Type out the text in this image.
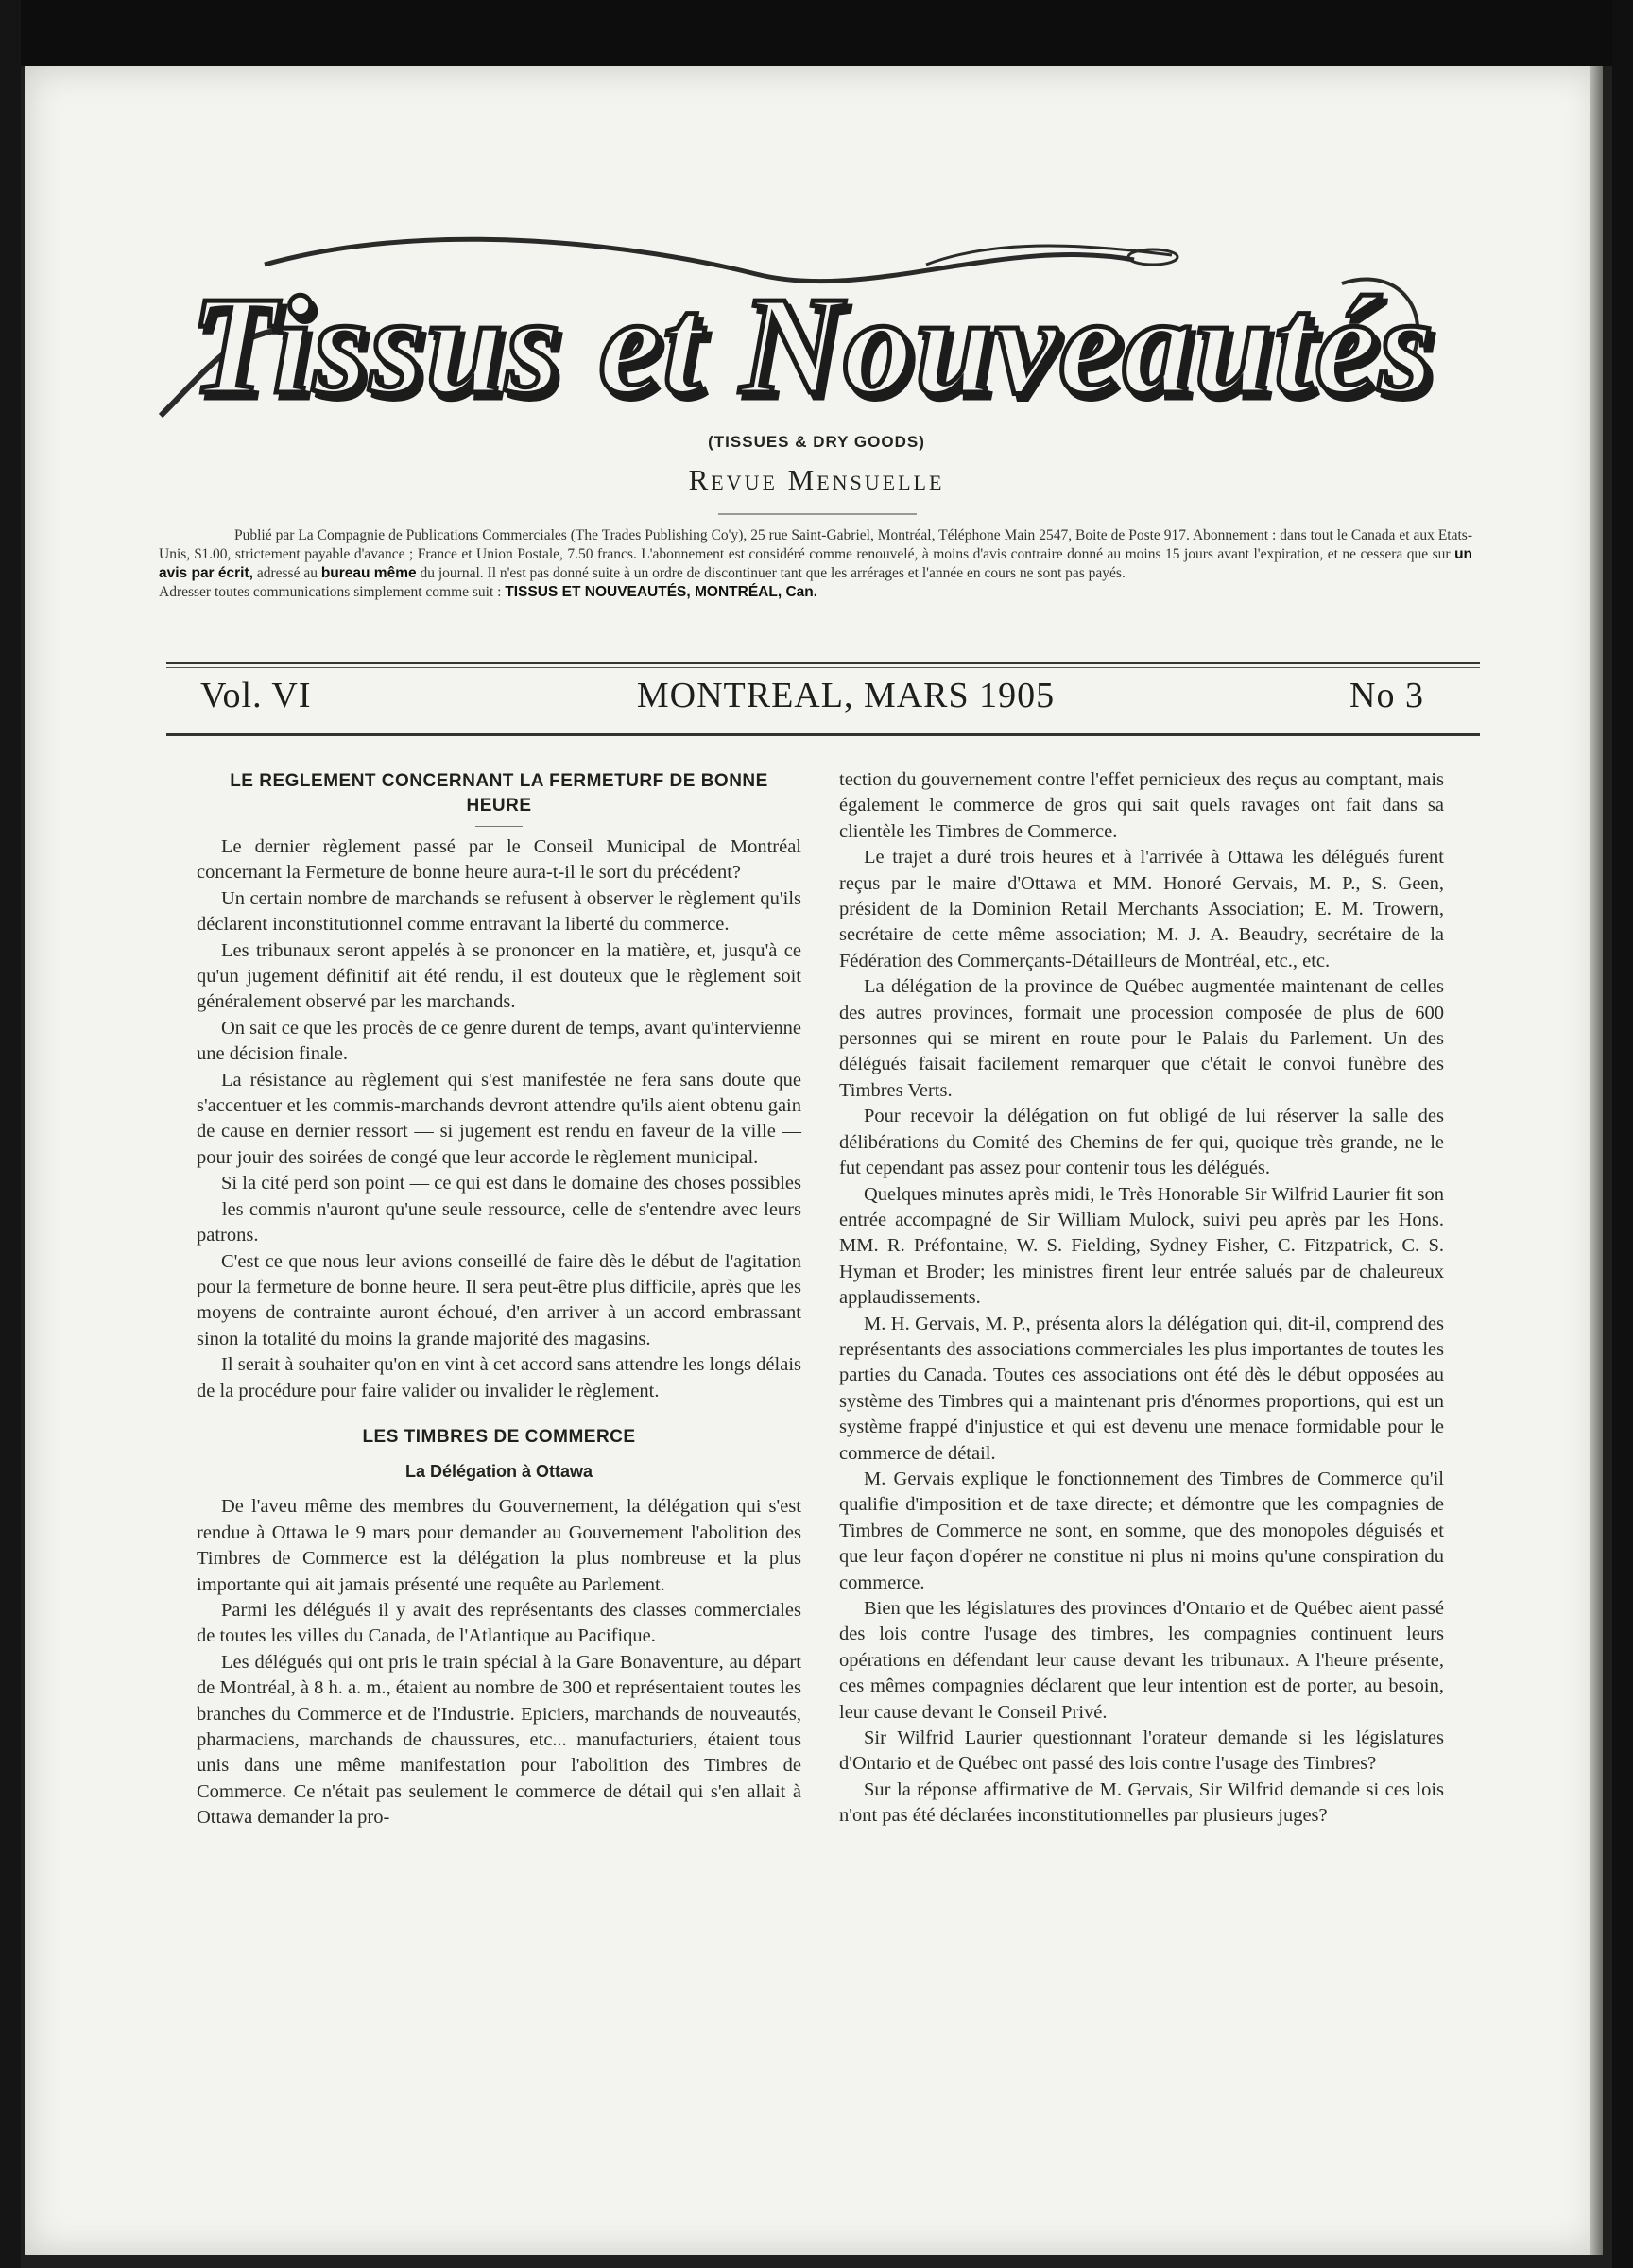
Tissus et Nouveautés
(TISSUES & DRY GOODS)
Revue Mensuelle
Publié par La Compagnie de Publications Commerciales (The Trades Publishing Co'y), 25 rue Saint-Gabriel, Montréal, Téléphone Main 2547, Boite de Poste 917. Abonnement : dans tout le Canada et aux Etats-Unis, $1.00, strictement payable d'avance ; France et Union Postale, 7.50 francs. L'abonnement est considéré comme renouvelé, à moins d'avis contraire donné au moins 15 jours avant l'expiration, et ne cessera que sur un avis par écrit, adressé au bureau même du journal. Il n'est pas donné suite à un ordre de discontinuer tant que les arrérages et l'année en cours ne sont pas payés.
Adresser toutes communications simplement comme suit : TISSUS ET NOUVEAUTÉS, MONTRÉAL, Can.
Vol. VI	MONTREAL, MARS 1905	No 3
LE REGLEMENT CONCERNANT LA FERMETURF DE BONNE HEURE

Le dernier règlement passé par le Conseil Municipal de Montréal concernant la Fermeture de bonne heure aura-t-il le sort du précédent?

Un certain nombre de marchands se refusent à observer le règlement qu'ils déclarent inconstitutionnel comme entravant la liberté du commerce.

Les tribunaux seront appelés à se prononcer en la matière, et, jusqu'à ce qu'un jugement définitif ait été rendu, il est douteux que le règlement soit généralement observé par les marchands.

On sait ce que les procès de ce genre durent de temps, avant qu'intervienne une décision finale.

La résistance au règlement qui s'est manifestée ne fera sans doute que s'accentuer et les commis-marchands devront attendre qu'ils aient obtenu gain de cause en dernier ressort — si jugement est rendu en faveur de la ville — pour jouir des soirées de congé que leur accorde le règlement municipal.

Si la cité perd son point — ce qui est dans le domaine des choses possibles — les commis n'auront qu'une seule ressource, celle de s'entendre avec leurs patrons.

C'est ce que nous leur avions conseillé de faire dès le début de l'agitation pour la fermeture de bonne heure. Il sera peut-être plus difficile, après que les moyens de contrainte auront échoué, d'en arriver à un accord embrassant sinon la totalité du moins la grande majorité des magasins.

Il serait à souhaiter qu'on en vint à cet accord sans attendre les longs délais de la procédure pour faire valider ou invalider le règlement.

LES TIMBRES DE COMMERCE
La Délégation à Ottawa

De l'aveu même des membres du Gouvernement, la délégation qui s'est rendue à Ottawa le 9 mars pour demander au Gouvernement l'abolition des Timbres de Commerce est la délégation la plus nombreuse et la plus importante qui ait jamais présenté une requête au Parlement.

Parmi les délégués il y avait des représentants des classes commerciales de toutes les villes du Canada, de l'Atlantique au Pacifique.

Les délégués qui ont pris le train spécial à la Gare Bonaventure, au départ de Montréal, à 8 h. a. m., étaient au nombre de 300 et représentaient toutes les branches du Commerce et de l'Industrie. Epiciers, marchands de nouveautés, pharmaciens, marchands de chaussures, etc... manufacturiers, étaient tous unis dans une même manifestation pour l'abolition des Timbres de Commerce. Ce n'était pas seulement le commerce de détail qui s'en allait à Ottawa demander la pro-

tection du gouvernement contre l'effet pernicieux des reçus au comptant, mais également le commerce de gros qui sait quels ravages ont fait dans sa clientèle les Timbres de Commerce.

Le trajet a duré trois heures et à l'arrivée à Ottawa les délégués furent reçus par le maire d'Ottawa et MM. Honoré Gervais, M. P., S. Geen, président de la Dominion Retail Merchants Association; E. M. Trowern, secrétaire de cette même association; M. J. A. Beaudry, secrétaire de la Fédération des Commerçants-Détailleurs de Montréal, etc., etc.

La délégation de la province de Québec augmentée maintenant de celles des autres provinces, formait une procession composée de plus de 600 personnes qui se mirent en route pour le Palais du Parlement. Un des délégués faisait facilement remarquer que c'était le convoi funèbre des Timbres Verts.

Pour recevoir la délégation on fut obligé de lui réserver la salle des délibérations du Comité des Chemins de fer qui, quoique très grande, ne le fut cependant pas assez pour contenir tous les délégués.

Quelques minutes après midi, le Très Honorable Sir Wilfrid Laurier fit son entrée accompagné de Sir William Mulock, suivi peu après par les Hons. MM. R. Préfontaine, W. S. Fielding, Sydney Fisher, C. Fitzpatrick, C. S. Hyman et Broder; les ministres firent leur entrée salués par de chaleureux applaudissements.

M. H. Gervais, M. P., présenta alors la délégation qui, dit-il, comprend des représentants des associations commerciales les plus importantes de toutes les parties du Canada. Toutes ces associations ont été dès le début opposées au système des Timbres qui a maintenant pris d'énormes proportions, qui est un système frappé d'injustice et qui est devenu une menace formidable pour le commerce de détail.

M. Gervais explique le fonctionnement des Timbres de Commerce qu'il qualifie d'imposition et de taxe directe; et démontre que les compagnies de Timbres de Commerce ne sont, en somme, que des monopoles déguisés et que leur façon d'opérer ne constitue ni plus ni moins qu'une conspiration du commerce.

Bien que les législatures des provinces d'Ontario et de Québec aient passé des lois contre l'usage des timbres, les compagnies continuent leurs opérations en défendant leur cause devant les tribunaux. A l'heure présente, ces mêmes compagnies déclarent que leur intention est de porter, au besoin, leur cause devant le Conseil Privé.

Sir Wilfrid Laurier questionnant l'orateur demande si les législatures d'Ontario et de Québec ont passé des lois contre l'usage des Timbres?

Sur la réponse affirmative de M. Gervais, Sir Wilfrid demande si ces lois n'ont pas été déclarées inconstitutionnelles par plusieurs juges?
